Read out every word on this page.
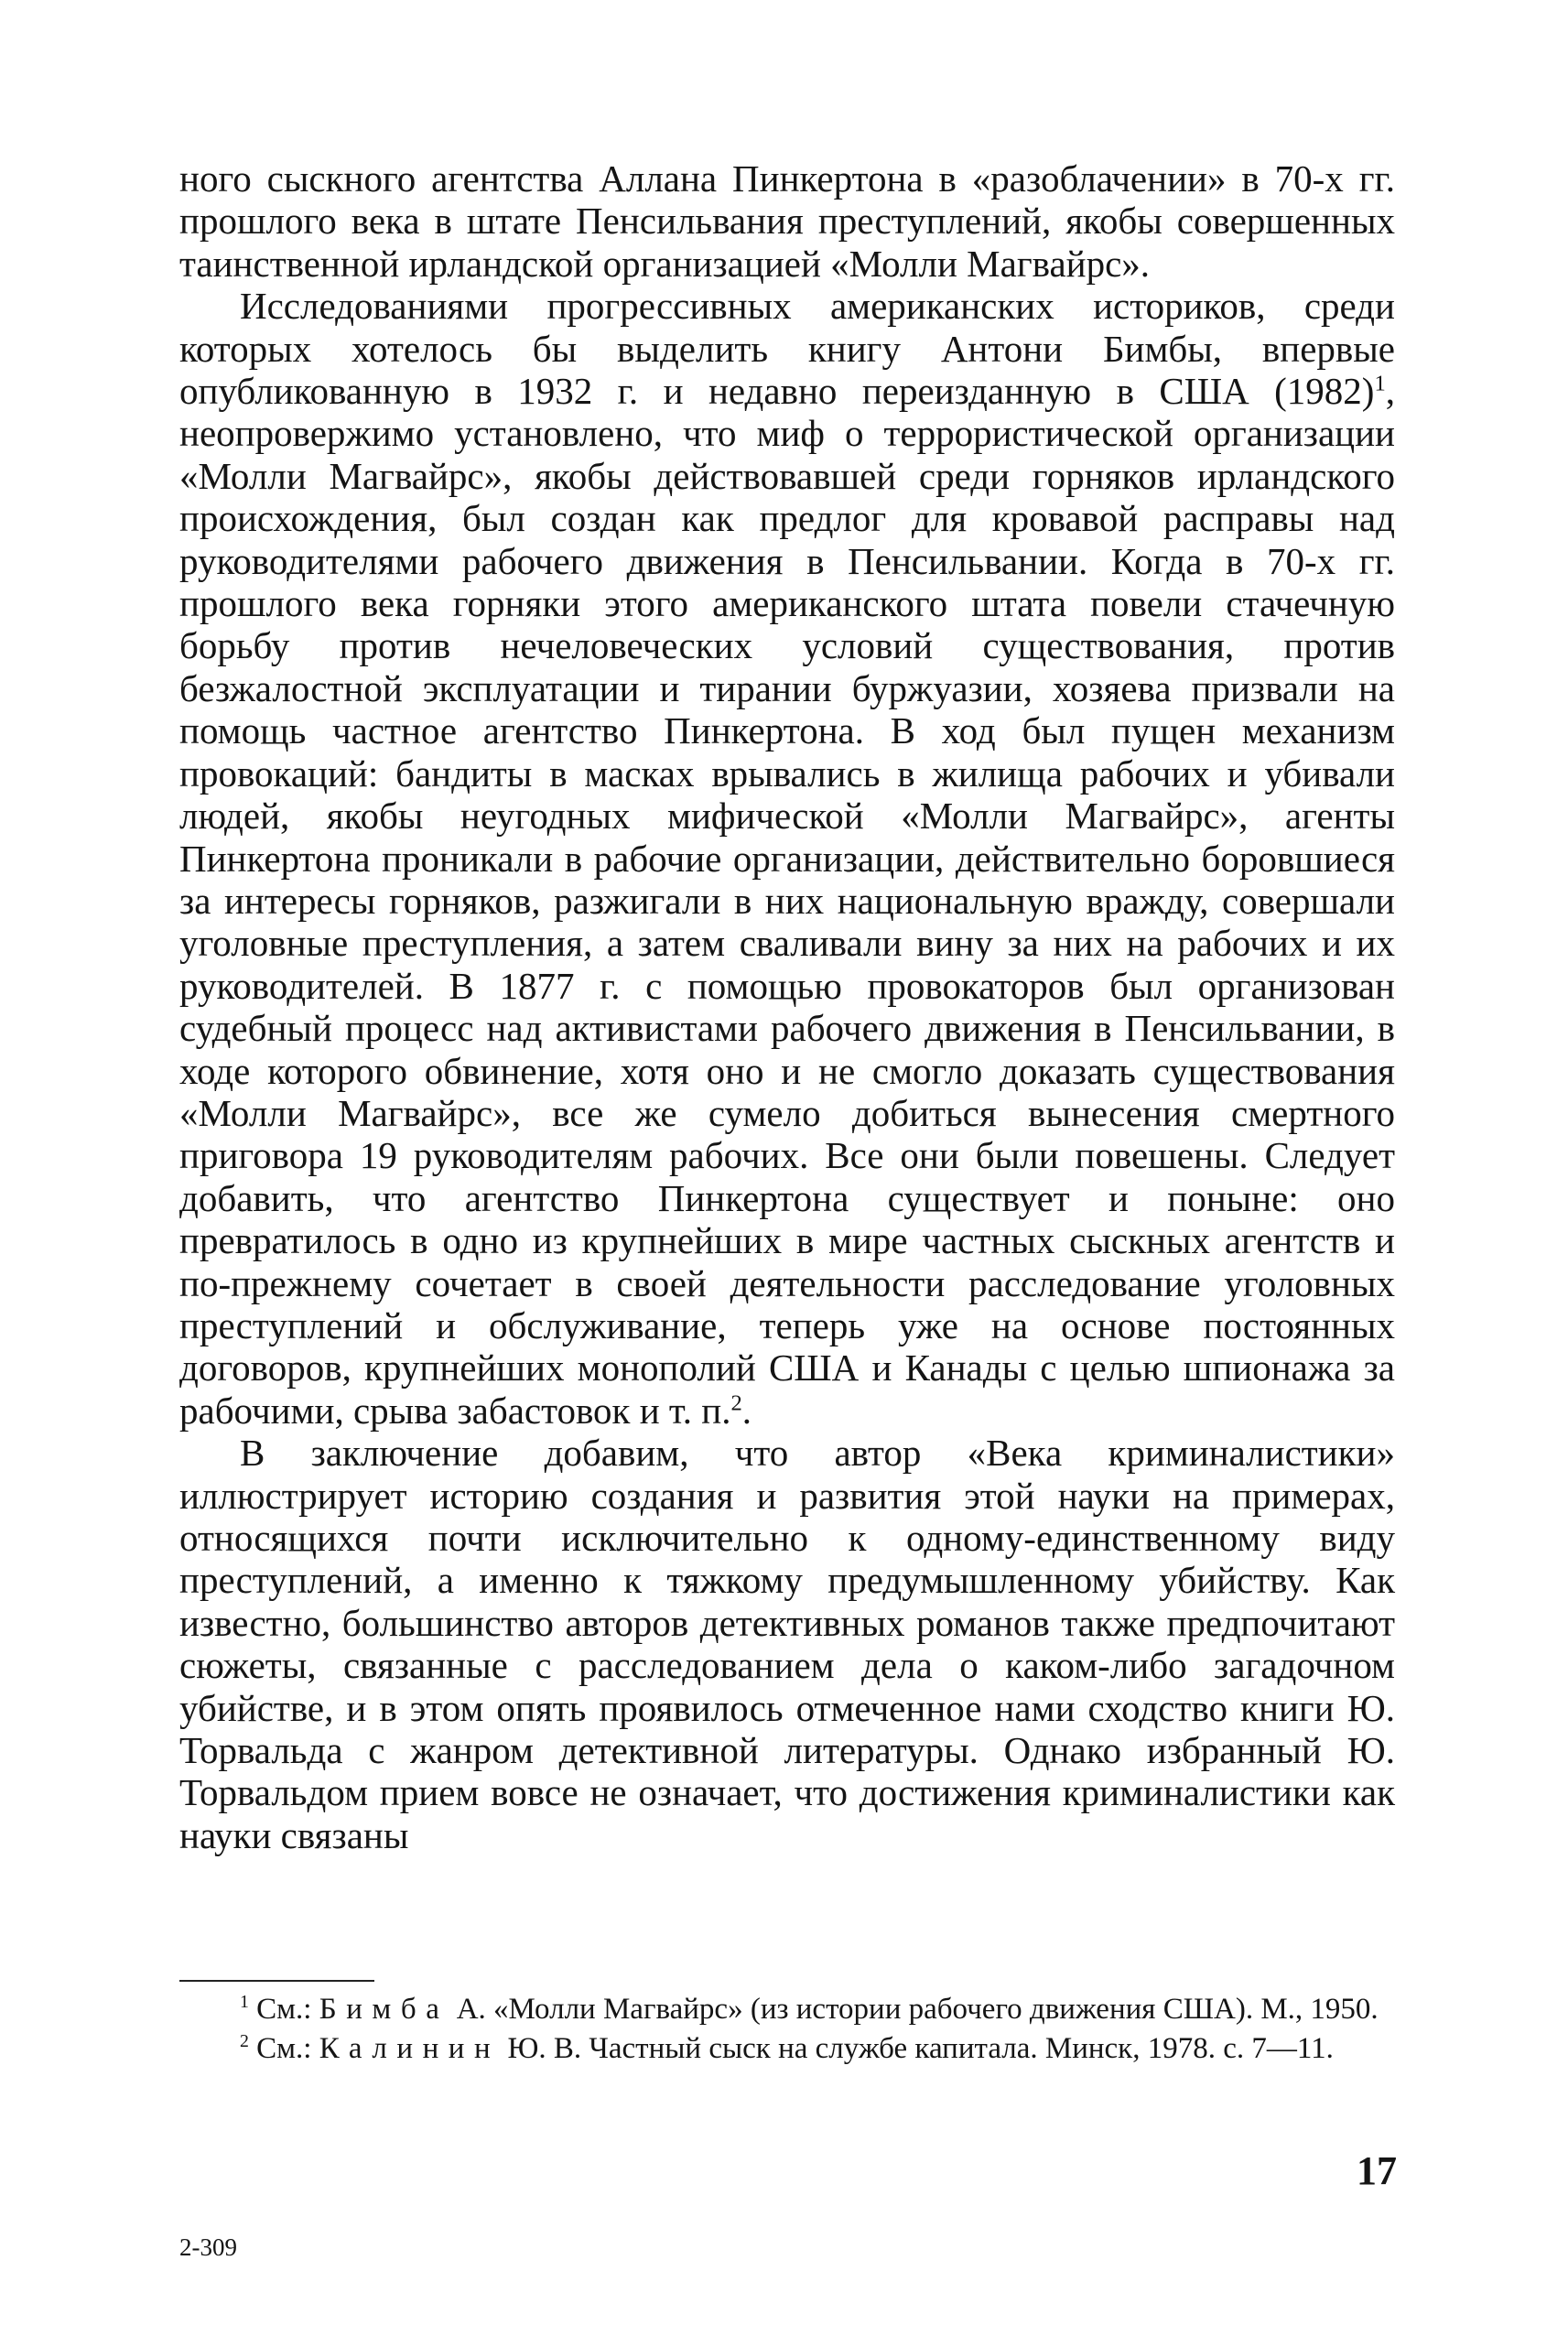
ного сыскного агентства Аллана Пинкертона в «разоблачении» в 70-х гг. прошлого века в штате Пенсильвания преступлений, якобы совершенных таинственной ирландской организацией «Молли Магвайрс».

Исследованиями прогрессивных американских историков, среди которых хотелось бы выделить книгу Антони Бимбы, впервые опубликованную в 1932 г. и недавно переизданную в США $(1982)^1$, неопровержимо установлено, что миф о террористической организации «Молли Магвайрс», якобы действовавшей среди горняков ирландского происхождения, был создан как предлог для кровавой расправы над руководителями рабочего движения в Пенсильвании. Когда в 70-х гг. прошлого века горняки этого американского штата повели стачечную борьбу против нечеловеческих условий существования, против безжалостной эксплуатации и тирании буржуазии, хозяева призвали на помощь частное агентство Пинкертона. В ход был пущен механизм провокаций: бандиты в масках врывались в жилища рабочих и убивали людей, якобы неугодных мифической «Молли Магвайрс», агенты Пинкертона проникали в рабочие организации, действительно боровшиеся за интересы горняков, разжигали в них национальную вражду, совершали уголовные преступления, а затем сваливали вину за них на рабочих и их руководителей. В 1877 г. с помощью провокаторов был организован судебный процесс над активистами рабочего движения в Пенсильвании, в ходе которого обвинение, хотя оно и не смогло доказать существования «Молли Магвайрс», все же сумело добиться вынесения смертного приговора 19 руководителям рабочих. Все они были повешены. Следует добавить, что агентство Пинкертона существует и поныне: оно превратилось в одно из крупнейших в мире частных сыскных агентств и по-прежнему сочетает в своей деятельности расследование уголовных преступлений и обслуживание, теперь уже на основе постоянных договоров, крупнейших монополий США и Канады с целью шпионажа за рабочими, срыва забастовок и т. п.$^2$.

В заключение добавим, что автор «Века криминалистики» иллюстрирует историю создания и развития этой науки на примерах, относящихся почти исключительно к одному-единственному виду преступлений, а именно к тяжкому предумышленному убийству. Как известно, большинство авторов детективных романов также предпочитают сюжеты, связанные с расследованием дела о каком-либо загадочном убийстве, и в этом опять проявилось отмеченное нами сходство книги Ю. Торвальда с жанром детективной литературы. Однако избранный Ю. Торвальдом прием вовсе не означает, что достижения криминалистики как науки связаны

$^1$ См.: Бимба А. «Молли Магвайрс» (из истории рабочего движения США). М., 1950.

$^2$ См.: Калинин Ю. В. Частный сыск на службе капитала. Минск, 1978. с. 7—11.

17
2-309
